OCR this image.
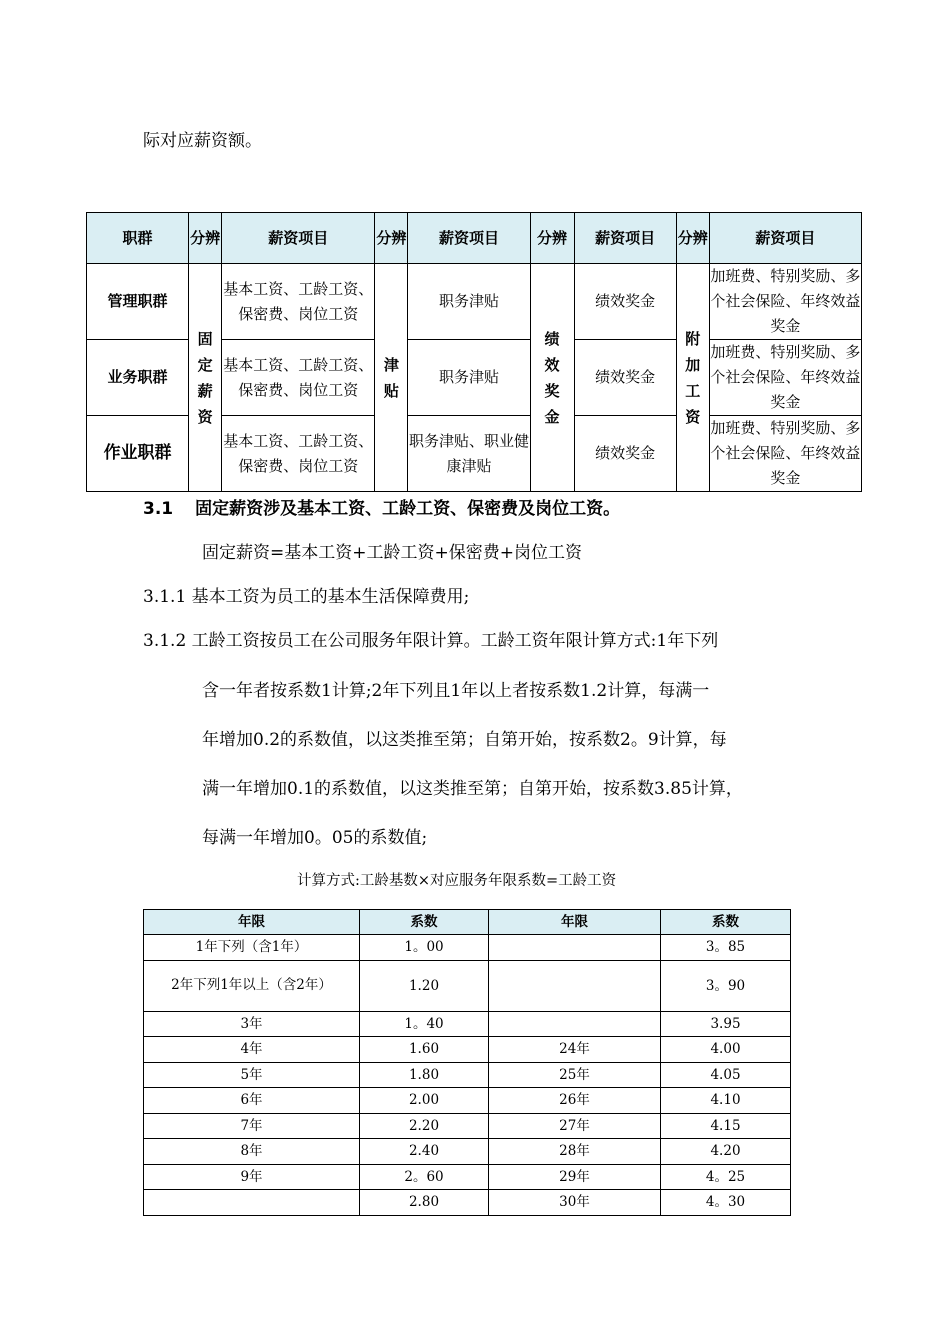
际对应薪资额。
职群	分辨	薪资项目	分辨	薪资项目	分辨	薪资项目	分辨	薪资项目
管理职群	固定薪资	基本工资、工龄工资、保密费、岗位工资	津贴	职务津贴	绩效奖金	绩效奖金	附加工资	加班费、特别奖励、多个社会保险、年终效益奖金
业务职群		基本工资、工龄工资、保密费、岗位工资		职务津贴		绩效奖金		加班费、特别奖励、多个社会保险、年终效益奖金
作业职群		基本工资、工龄工资、保密费、岗位工资		职务津贴、职业健康津贴		绩效奖金		加班费、特别奖励、多个社会保险、年终效益奖金
3.1 固定薪资涉及基本工资、工龄工资、保密费及岗位工资。
固定薪资=基本工资+工龄工资+保密费+岗位工资
3.1.1 基本工资为员工的基本生活保障费用;
3.1.2 工龄工资按员工在公司服务年限计算。工龄工资年限计算方式:1年下列
含一年者按系数1计算;2年下列且1年以上者按系数1.2计算，每满一
年增加0.2的系数值，以这类推至第；自第开始，按系数2。9计算，每
满一年增加0.1的系数值，以这类推至第；自第开始，按系数3.85计算，
每满一年增加0。05的系数值;
计算方式:工龄基数×对应服务年限系数=工龄工资
年限	系数	年限	系数
1年下列（含1年）	1。00		3。85
2年下列1年以上（含2年）	1.20		3。90
3年	1。40		3.95
4年	1.60	24年	4.00
5年	1.80	25年	4.05
6年	2.00	26年	4.10
7年	2.20	27年	4.15
8年	2.40	28年	4.20
9年	2。60	29年	4。25
	2.80	30年	4。30
